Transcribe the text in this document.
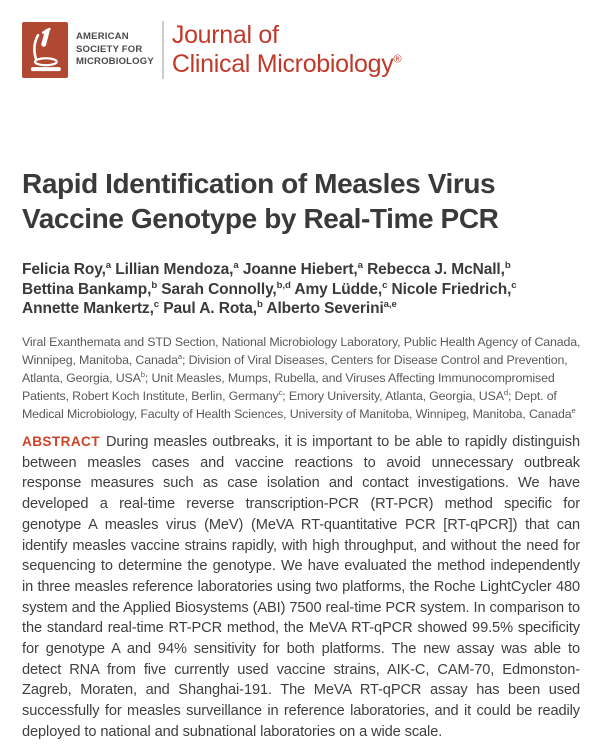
AMERICAN
SOCIETY FOR
MICROBIOLOGY
Journal of
Clinical Microbiology®
Rapid Identification of Measles Virus
Vaccine Genotype by Real-Time PCR
Felicia Roy,$^a$ Lillian Mendoza,$^a$ Joanne Hiebert,$^a$ Rebecca J. McNall,$^b$
Bettina Bankamp,$^b$ Sarah Connolly,$^{b,d}$ Amy Lüdde,$^c$ Nicole Friedrich,$^c$
Annette Mankertz,$^c$ Paul A. Rota,$^b$ Alberto Severini$^{a,e}$

Viral Exanthemata and STD Section, National Microbiology Laboratory, Public Health Agency of Canada, Winnipeg, Manitoba, Canada$^a$; Division of Viral Diseases, Centers for Disease Control and Prevention, Atlanta, Georgia, USA$^b$; Unit Measles, Mumps, Rubella, and Viruses Affecting Immunocompromised Patients, Robert Koch Institute, Berlin, Germany$^c$; Emory University, Atlanta, Georgia, USA$^d$; Dept. of Medical Microbiology, Faculty of Health Sciences, University of Manitoba, Winnipeg, Manitoba, Canada$^e$

ABSTRACT During measles outbreaks, it is important to be able to rapidly distinguish between measles cases and vaccine reactions to avoid unnecessary outbreak response measures such as case isolation and contact investigations. We have developed a real-time reverse transcription-PCR (RT-PCR) method specific for genotype A measles virus (MeV) (MeVA RT-quantitative PCR [RT-qPCR]) that can identify measles vaccine strains rapidly, with high throughput, and without the need for sequencing to determine the genotype. We have evaluated the method independently in three measles reference laboratories using two platforms, the Roche LightCycler 480 system and the Applied Biosystems (ABI) 7500 real-time PCR system. In comparison to the standard real-time RT-PCR method, the MeVA RT-qPCR showed 99.5% specificity for genotype A and 94% sensitivity for both platforms. The new assay was able to detect RNA from five currently used vaccine strains, AIK-C, CAM-70, Edmonston-Zagreb, Moraten, and Shanghai-191. The MeVA RT-qPCR assay has been used successfully for measles surveillance in reference laboratories, and it could be readily deployed to national and subnational laboratories on a wide scale.
